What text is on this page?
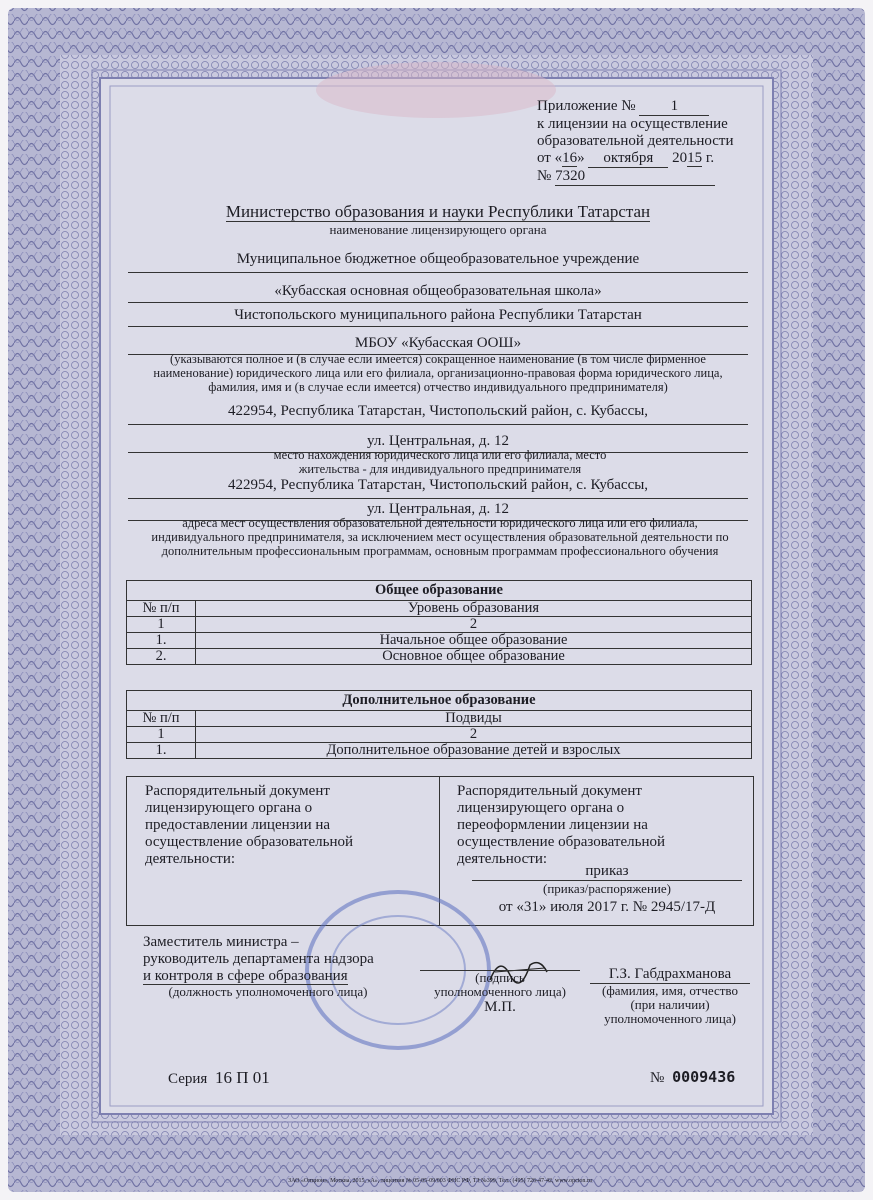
Приложение № 1
к лицензии на осуществление
образовательной деятельности
от «16» октября 2015 г.
№ 7320
Министерство образования и науки Республики Татарстан
наименование лицензирующего органа
Муниципальное бюджетное общеобразовательное учреждение
«Кубасская основная общеобразовательная школа»
Чистопольского муниципального района Республики Татарстан
МБОУ «Кубасская ООШ»
(указываются полное и (в случае если имеется) сокращенное наименование (в том числе фирменное наименование) юридического лица или его филиала, организационно-правовая форма юридического лица, фамилия, имя и (в случае если имеется) отчество индивидуального предпринимателя)
422954, Республика Татарстан, Чистопольский район, с. Кубассы,
ул. Центральная, д. 12
место нахождения юридического лица или его филиала, место жительства - для индивидуального предпринимателя
422954, Республика Татарстан, Чистопольский район, с. Кубассы,
ул. Центральная, д. 12
адреса мест осуществления образовательной деятельности юридического лица или его филиала, индивидуального предпринимателя, за исключением мест осуществления образовательной деятельности по дополнительным профессиональным программам, основным программам профессионального обучения
Общее образование	
№ п/п	Уровень образования
1	2
1.	Начальное общее образование
2.	Основное общее образование
Дополнительное образование	
№ п/п	Подвиды
1	2
1.	Дополнительное образование детей и взрослых
Распорядительный документ лицензирующего органа о предоставлении лицензии на осуществление образовательной деятельности:
Распорядительный документ лицензирующего органа о переоформлении лицензии на осуществление образовательной деятельности:
приказ
(приказ/распоряжение)
от «31» июля 2017 г. № 2945/17-Д
Заместитель министра –
руководитель департамента надзора
и контроля в сфере образования
(должность уполномоченного лица)
(подпись
уполномоченного лица)
М.П.
Г.З. Габдрахманова
(фамилия, имя, отчество
(при наличии)
уполномоченного лица)
Серия 16 П 01	№ 0009436
ЗАО «Опцион», Москва, 2015, «А», лицензия № 05-05-09/003 ФНС РФ, ТЗ №399, Тел.: (495) 726-47-42, www.opcion.ru
